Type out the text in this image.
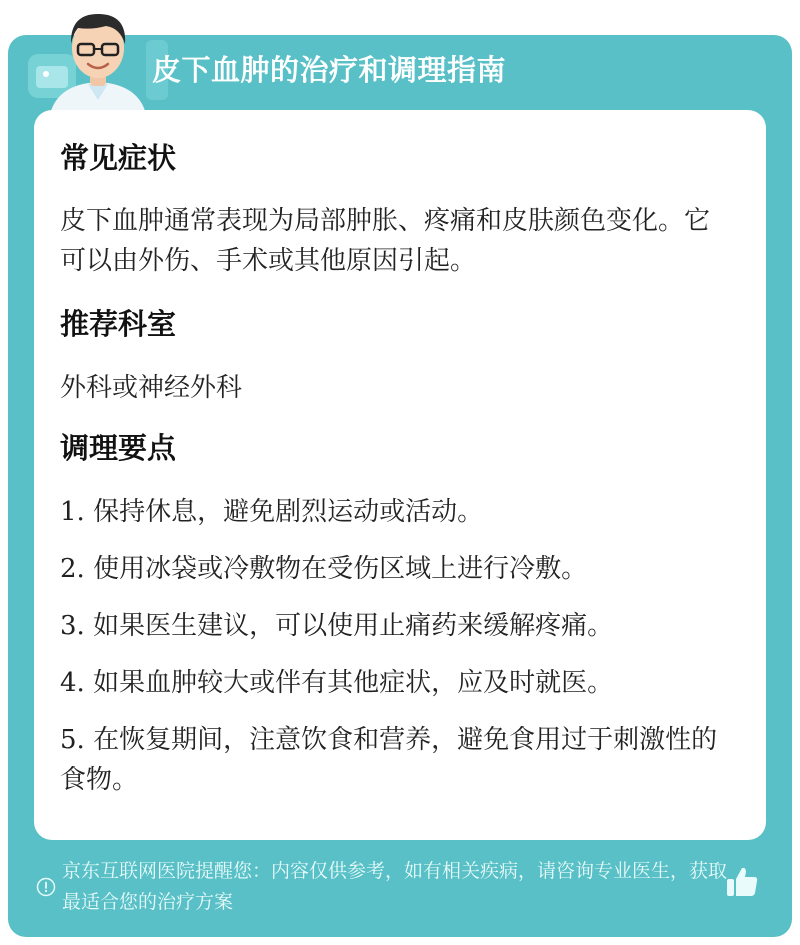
皮下血肿的治疗和调理指南
常见症状

皮下血肿通常表现为局部肿胀、疼痛和皮肤颜色变化。它可以由外伤、手术或其他原因引起。

推荐科室

外科或神经外科

调理要点
1. 保持休息，避免剧烈运动或活动。
2. 使用冰袋或冷敷物在受伤区域上进行冷敷。
3. 如果医生建议，可以使用止痛药来缓解疼痛。
4. 如果血肿较大或伴有其他症状，应及时就医。
5. 在恢复期间，注意饮食和营养，避免食用过于刺激性的食物。
京东互联网医院提醒您：内容仅供参考，如有相关疾病，请咨询专业医生，获取最适合您的治疗方案
